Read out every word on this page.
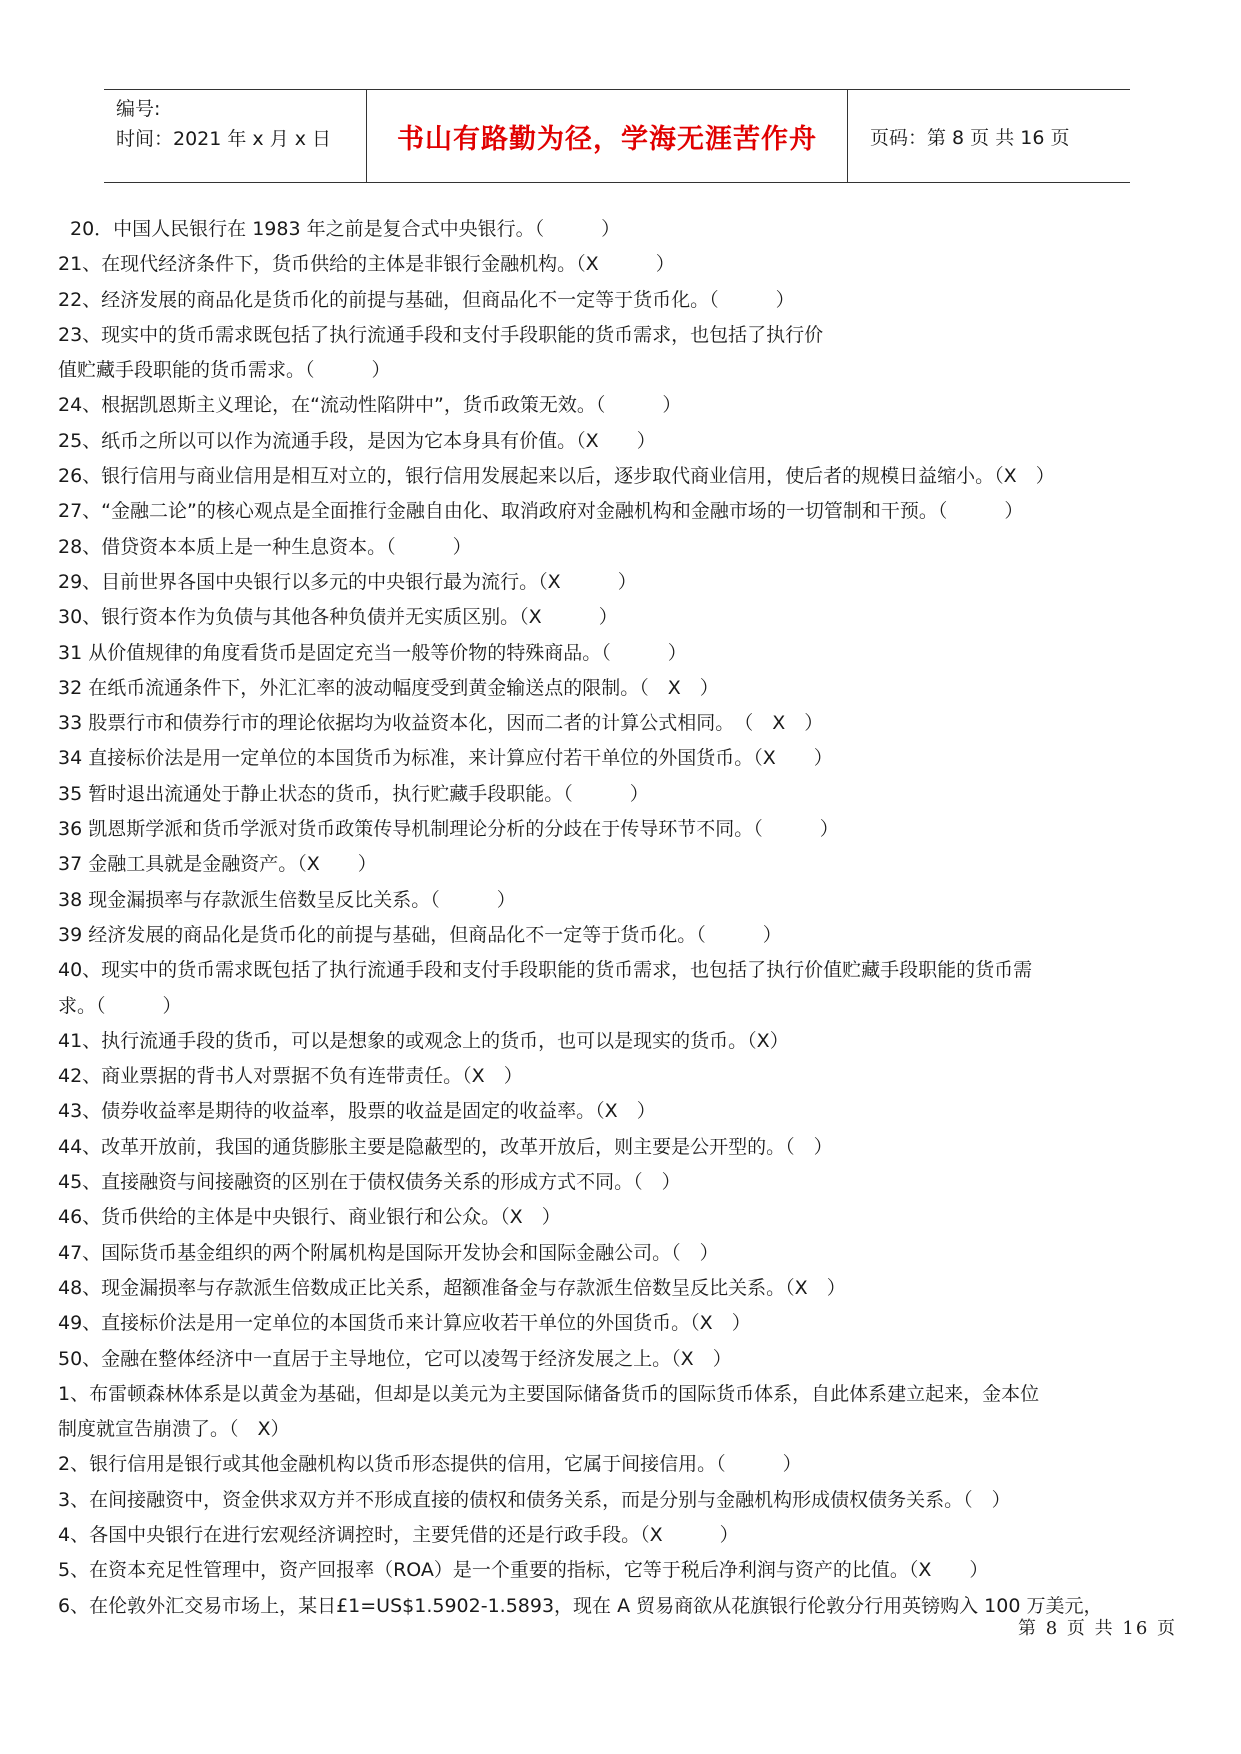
编号:
时间：2021 年 x 月 x 日	书山有路勤为径，学海无涯苦作舟	页码：第 8 页 共 16 页
20．中国人民银行在 1983 年之前是复合式中央银行。（　　　）
21、在现代经济条件下，货币供给的主体是非银行金融机构。（X　　　）
22、经济发展的商品化是货币化的前提与基础，但商品化不一定等于货币化。（　　　）
23、现实中的货币需求既包括了执行流通手段和支付手段职能的货币需求，也包括了执行价
值贮藏手段职能的货币需求。（　　　）
24、根据凯恩斯主义理论，在“流动性陷阱中”，货币政策无效。（　　　）
25、纸币之所以可以作为流通手段，是因为它本身具有价值。（X　　）
26、银行信用与商业信用是相互对立的，银行信用发展起来以后，逐步取代商业信用，使后者的规模日益缩小。（X　）
27、“金融二论”的核心观点是全面推行金融自由化、取消政府对金融机构和金融市场的一切管制和干预。（　　　）
28、借贷资本本质上是一种生息资本。（　　　）
29、目前世界各国中央银行以多元的中央银行最为流行。（X　　　）
30、银行资本作为负债与其他各种负债并无实质区别。（X　　　）
31 从价值规律的角度看货币是固定充当一般等价物的特殊商品。（　　　）
32 在纸币流通条件下，外汇汇率的波动幅度受到黄金输送点的限制。（　X　）
33 股票行市和债券行市的理论依据均为收益资本化，因而二者的计算公式相同。　（　X　）
34 直接标价法是用一定单位的本国货币为标准，来计算应付若干单位的外国货币。（X　　）
35 暂时退出流通处于静止状态的货币，执行贮藏手段职能。（　　　）
36 凯恩斯学派和货币学派对货币政策传导机制理论分析的分歧在于传导环节不同。（　　　）
37 金融工具就是金融资产。（X　　）
38 现金漏损率与存款派生倍数呈反比关系。（　　　）
39 经济发展的商品化是货币化的前提与基础，但商品化不一定等于货币化。（　　　）
40、现实中的货币需求既包括了执行流通手段和支付手段职能的货币需求，也包括了执行价值贮藏手段职能的货币需
求。（　　　）
41、执行流通手段的货币，可以是想象的或观念上的货币，也可以是现实的货币。（X）
42、商业票据的背书人对票据不负有连带责任。（X　）
43、债券收益率是期待的收益率，股票的收益是固定的收益率。（X　）
44、改革开放前，我国的通货膨胀主要是隐蔽型的，改革开放后，则主要是公开型的。（　）
45、直接融资与间接融资的区别在于债权债务关系的形成方式不同。（　）
46、货币供给的主体是中央银行、商业银行和公众。（X　）
47、国际货币基金组织的两个附属机构是国际开发协会和国际金融公司。（　）
48、现金漏损率与存款派生倍数成正比关系，超额准备金与存款派生倍数呈反比关系。（X　）
49、直接标价法是用一定单位的本国货币来计算应收若干单位的外国货币。（X　）
50、金融在整体经济中一直居于主导地位，它可以凌驾于经济发展之上。（X　）
1、布雷顿森林体系是以黄金为基础，但却是以美元为主要国际储备货币的国际货币体系，自此体系建立起来，金本位
制度就宣告崩溃了。（　X）
2、银行信用是银行或其他金融机构以货币形态提供的信用，它属于间接信用。（　　　）
3、在间接融资中，资金供求双方并不形成直接的债权和债务关系，而是分别与金融机构形成债权债务关系。（　）
4、各国中央银行在进行宏观经济调控时，主要凭借的还是行政手段。（X　　　）
5、在资本充足性管理中，资产回报率（ROA）是一个重要的指标，它等于税后净利润与资产的比值。（X　　）
6、在伦敦外汇交易市场上，某日£1=US$1.5902-1.5893，现在 A 贸易商欲从花旗银行伦敦分行用英镑购入 100 万美元，
第 8 页 共 16 页
